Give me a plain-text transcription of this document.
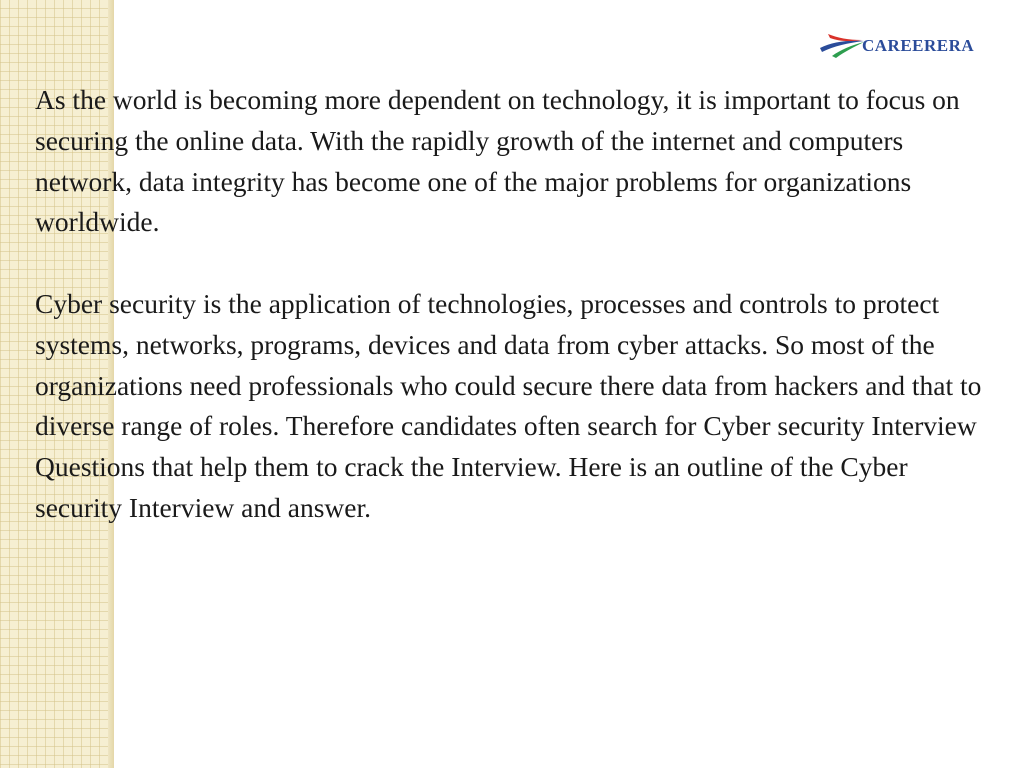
CAREERERA

As the world is becoming more dependent on technology, it is important to focus on securing the online data. With the rapidly growth of the internet and computers network, data integrity has become one of the major problems for organizations worldwide.

Cyber security is the application of technologies, processes and controls to protect systems, networks, programs, devices and data from cyber attacks. So most of the organizations need professionals who could secure there data from hackers and that to diverse range of roles. Therefore candidates often search for Cyber security Interview Questions that help them to crack the Interview. Here is an outline of the Cyber security Interview and answer.
